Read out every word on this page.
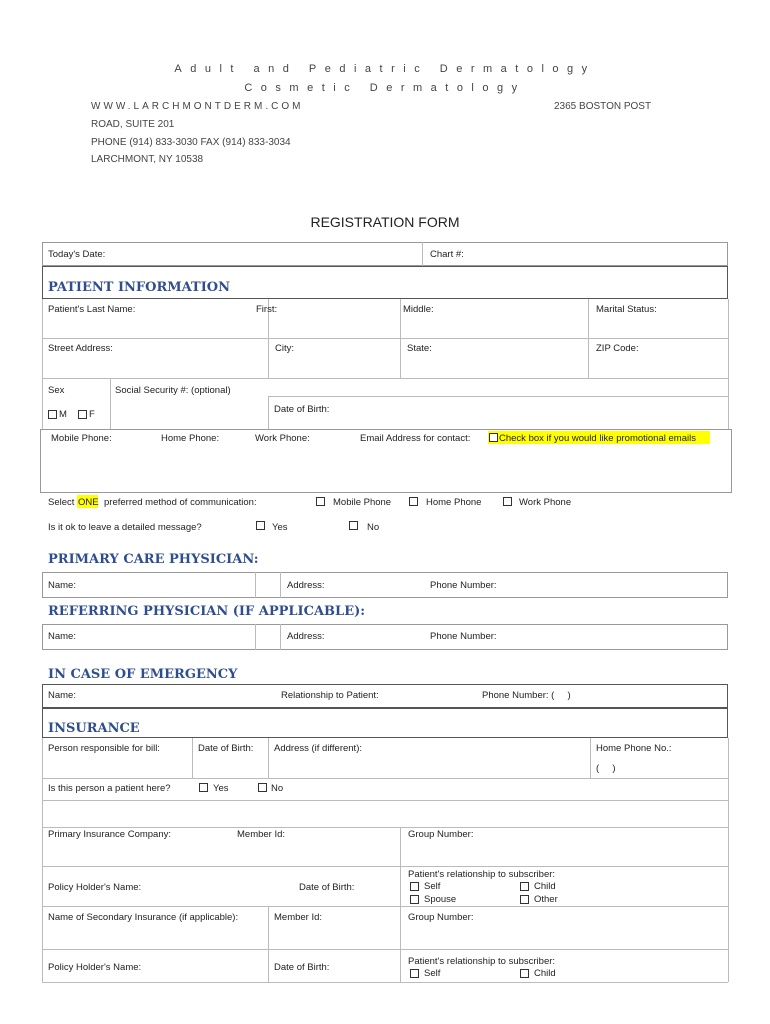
Adult and Pediatric Dermatology
Cosmetic Dermatology
WWW.LARCHMONTDERM.COM	2365 BOSTON POST
ROAD, SUITE 201
PHONE (914) 833-3030 FAX (914) 833-3034
LARCHMONT, NY 10538
REGISTRATION FORM
Today's Date:	Chart #:
PATIENT INFORMATION
Patient's Last Name:	First:	Middle:	Marital Status:
Street Address:	City:	State:	ZIP Code:
Sex
M F
Social Security #: (optional)
Date of Birth:
Mobile Phone:	Home Phone:	Work Phone:	Email Address for contact:	Check box if you would like promotional emails
Select ONE preferred method of communication:	Mobile Phone	Home Phone	Work Phone
Is it ok to leave a detailed message?	Yes	No
PRIMARY CARE PHYSICIAN:
Name:	Address:	Phone Number:
REFERRING PHYSICIAN (IF APPLICABLE):
Name:	Address:	Phone Number:
IN CASE OF EMERGENCY
Name:	Relationship to Patient:	Phone Number: (     )
INSURANCE
Person responsible for bill:	Date of Birth: Address (if different):	Home Phone No.:
(     )
Is this person a patient here?	Yes	No
Primary Insurance Company:	Member Id:	Group Number:
Policy Holder's Name:	Date of Birth:
Patient's relationship to subscriber:
Self	Child
Spouse	Other
Name of Secondary Insurance (if applicable):	Member Id:	Group Number:
Policy Holder's Name:	Date of Birth:
Patient's relationship to subscriber:
Self	Child
